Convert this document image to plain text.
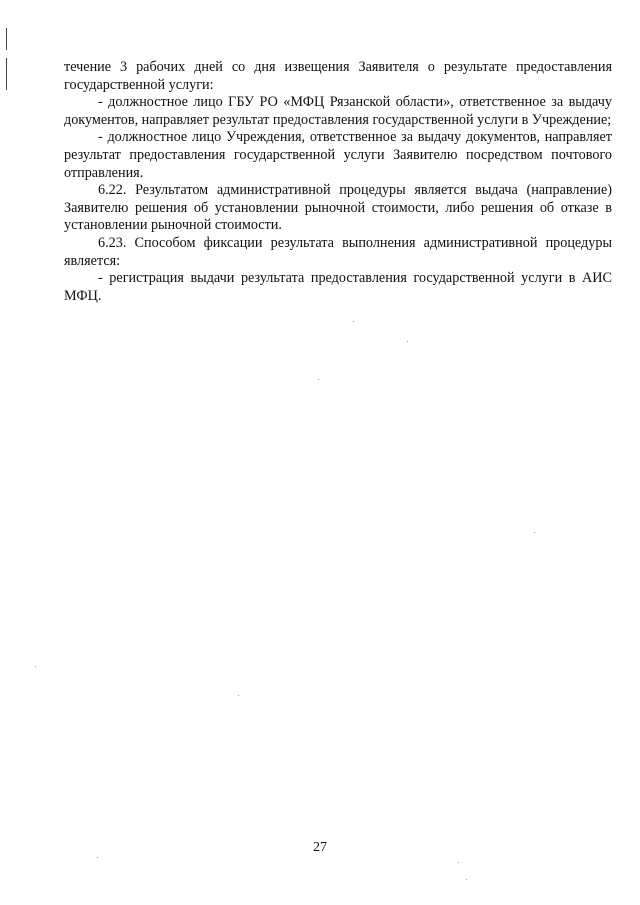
течение 3 рабочих дней со дня извещения Заявителя о результате предоставления государственной услуги:

- должностное лицо ГБУ РО «МФЦ Рязанской области», ответственное за выдачу документов, направляет результат предоставления государственной услуги в Учреждение;

- должностное лицо Учреждения, ответственное за выдачу документов, направляет результат предоставления государственной услуги Заявителю посредством почтового отправления.

6.22. Результатом административной процедуры является выдача (направление) Заявителю решения об установлении рыночной стоимости, либо решения об отказе в установлении рыночной стоимости.

6.23. Способом фиксации результата выполнения административной процедуры является:

- регистрация выдачи результата предоставления государственной услуги в АИС МФЦ.

27
